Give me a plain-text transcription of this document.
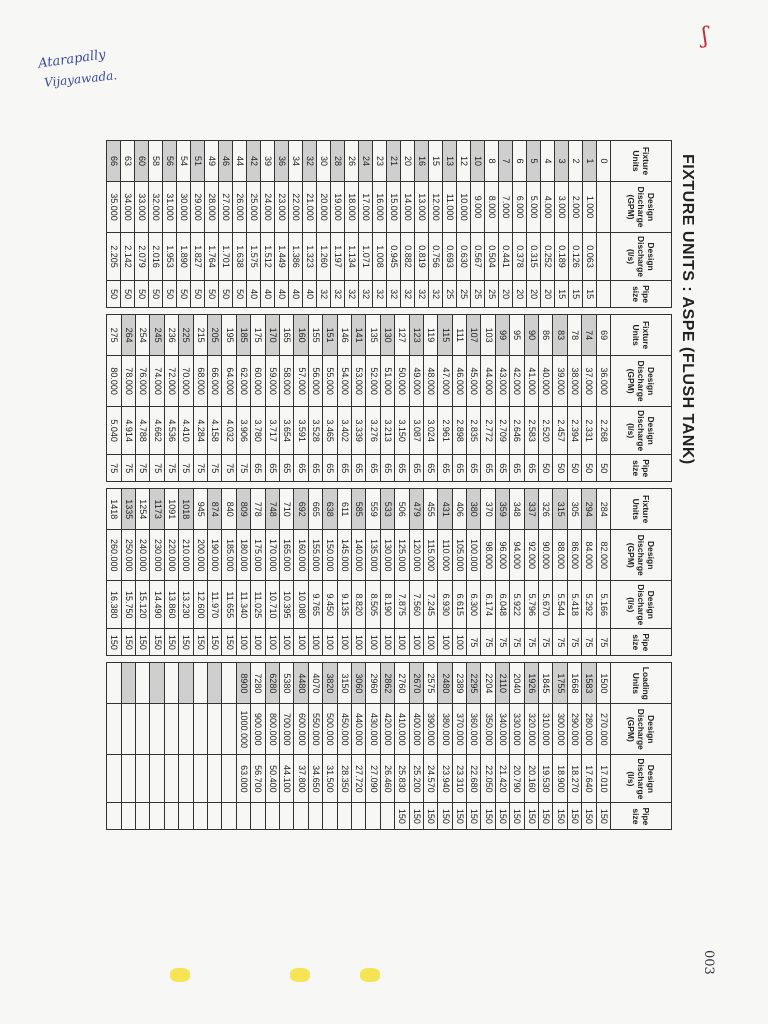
Atarapally
Vijayawada.
ʃ
003
FIXTURE UNITS : ASPE (FLUSH TANK)
Fixture Units	Design Discharge (GPM)	Design Discharge (l/s)	Pipe size
0			
1	1.000	0.063	15
2	2.000	0.126	15
3	3.000	0.189	15
4	4.000	0.252	20
5	5.000	0.315	20
6	6.000	0.378	20
7	7.000	0.441	20
8	8.000	0.504	25
10	9.000	0.567	25
12	10.000	0.630	25
13	11.000	0.693	25
15	12.000	0.756	32
16	13.000	0.819	32
20	14.000	0.882	32
21	15.000	0.945	32
23	16.000	1.008	32
24	17.000	1.071	32
26	18.000	1.134	32
28	19.000	1.197	32
30	20.000	1.260	32
32	21.000	1.323	40
34	22.000	1.386	40
36	23.000	1.449	40
39	24.000	1.512	40
42	25.000	1.575	40
44	26.000	1.638	50
46	27.000	1.701	50
49	28.000	1.764	50
51	29.000	1.827	50
54	30.000	1.890	50
56	31.000	1.953	50
58	32.000	2.016	50
60	33.000	2.079	50
63	34.000	2.142	50
66	35.000	2.205	50
Fixture Units	Design Discharge (GPM)	Design Discharge (l/s)	Pipe size
69	36.000	2.268	50
74	37.000	2.331	50
78	38.000	2.394	50
83	39.000	2.457	50
86	40.000	2.520	50
90	41.000	2.583	65
95	42.000	2.646	65
99	43.000	2.709	65
103	44.000	2.772	65
107	45.000	2.835	65
111	46.000	2.898	65
115	47.000	2.961	65
119	48.000	3.024	65
123	49.000	3.087	65
127	50.000	3.150	65
130	51.000	3.213	65
135	52.000	3.276	65
141	53.000	3.339	65
146	54.000	3.402	65
151	55.000	3.465	65
155	56.000	3.528	65
160	57.000	3.591	65
165	58.000	3.654	65
170	59.000	3.717	65
175	60.000	3.780	65
185	62.000	3.906	75
195	64.000	4.032	75
205	66.000	4.158	75
215	68.000	4.284	75
225	70.000	4.410	75
236	72.000	4.536	75
245	74.000	4.662	75
254	76.000	4.788	75
264	78.000	4.914	75
275	80.000	5.040	75
Fixture Units	Design Discharge (GPM)	Design Discharge (l/s)	Pipe size
284	82.000	5.166	75
294	84.000	5.292	75
305	86.000	5.418	75
315	88.000	5.544	75
326	90.000	5.670	75
337	92.000	5.796	75
348	94.000	5.922	75
359	96.000	6.048	75
370	98.000	6.174	75
380	100.000	6.300	75
406	105.000	6.615	100
431	110.000	6.930	100
455	115.000	7.245	100
479	120.000	7.560	100
506	125.000	7.875	100
533	130.000	8.190	100
559	135.000	8.505	100
585	140.000	8.820	100
611	145.000	9.135	100
638	150.000	9.450	100
665	155.000	9.765	100
692	160.000	10.080	100
710	165.000	10.395	100
748	170.000	10.710	100
778	175.000	11.025	100
809	180.000	11.340	100
840	185.000	11.655	150
874	190.000	11.970	150
945	200.000	12.600	150
1018	210.000	13.230	150
1091	220.000	13.860	150
1173	230.000	14.490	150
1254	240.000	15.120	150
1335	250.000	15.750	150
1418	260.000	16.380	150
Loading Units	Design Discharge (GPM)	Design Discharge (l/s)	Pipe size
1500	270.000	17.010	150
1583	280.000	17.640	150
1668	290.000	18.270	150
1755	300.000	18.900	150
1845	310.000	19.530	150
1926	320.000	20.160	150
2040	330.000	20.790	150
2110	340.000	21.420	150
2204	350.000	22.050	150
2295	360.000	22.680	150
2389	370.000	23.310	150
2480	380.000	23.940	150
2575	390.000	24.570	150
2670	400.000	25.200	150
2760	410.000	25.830	150
2862	420.000	26.460	
2960	430.000	27.090	
3060	440.000	27.720	
3150	450.000	28.350	
3820	500.000	31.500	
4070	550.000	34.650	
4480	600.000	37.800	
5380	700.000	44.100	
6280	800.000	50.400	
7280	900.000	56.700	
8900	1000.000	63.000	
